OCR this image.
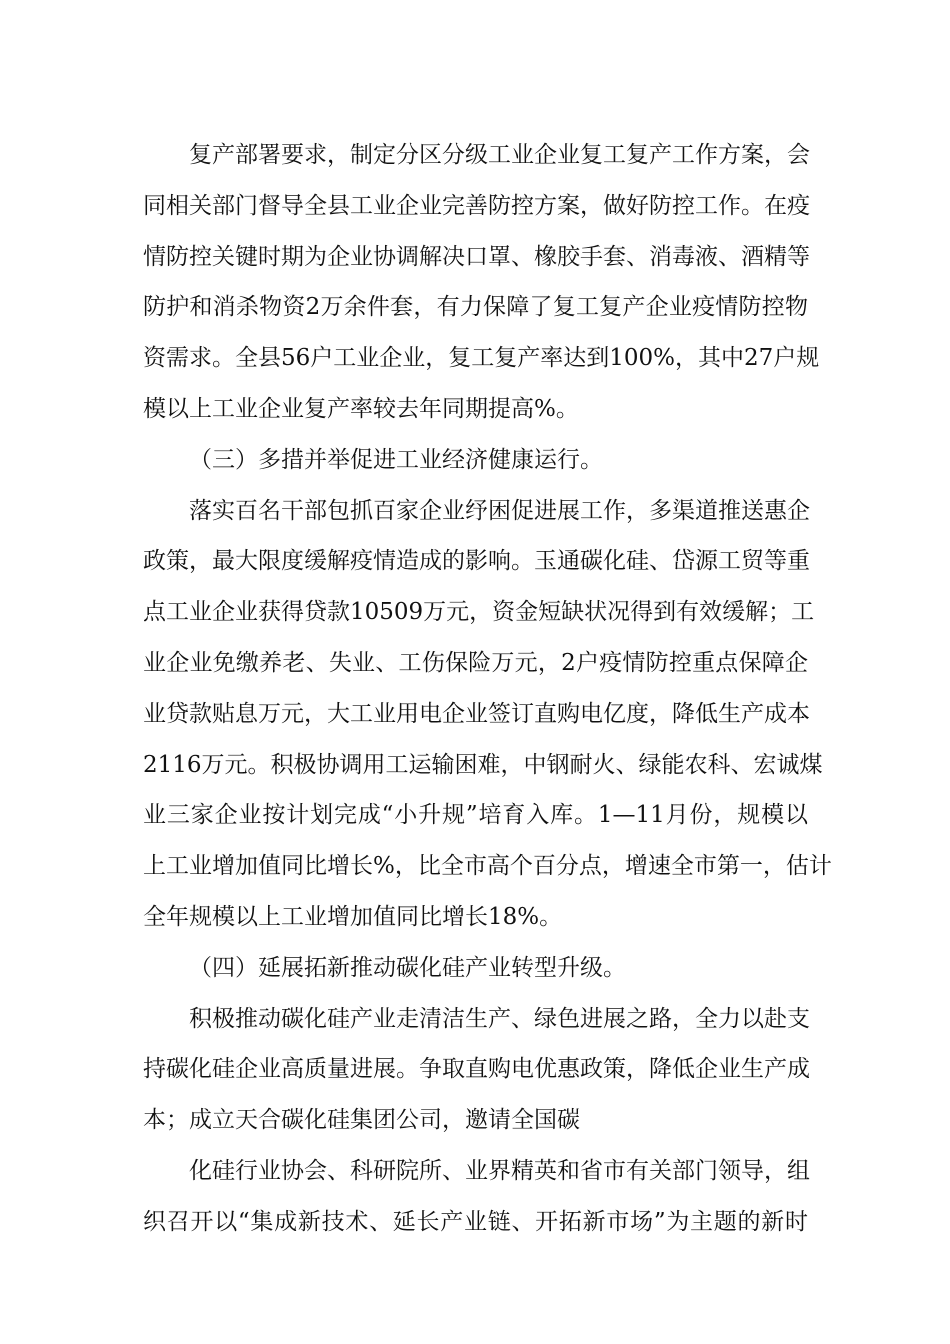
复产部署要求，制定分区分级工业企业复工复产工作方案，会
同相关部门督导全县工业企业完善防控方案，做好防控工作。在疫
情防控关键时期为企业协调解决口罩、橡胶手套、消毒液、酒精等
防护和消杀物资2万余件套，有力保障了复工复产企业疫情防控物
资需求。全县56户工业企业，复工复产率达到100%，其中27户规
模以上工业企业复产率较去年同期提高%。
（三）多措并举促进工业经济健康运行。
落实百名干部包抓百家企业纾困促进展工作，多渠道推送惠企
政策，最大限度缓解疫情造成的影响。玉通碳化硅、岱源工贸等重
点工业企业获得贷款10509万元，资金短缺状况得到有效缓解；工
业企业免缴养老、失业、工伤保险万元，2户疫情防控重点保障企
业贷款贴息万元，大工业用电企业签订直购电亿度，降低生产成本
2116万元。积极协调用工运输困难，中钢耐火、绿能农科、宏诚煤
业三家企业按计划完成“小升规”培育入库。1—11月份，规模以
上工业增加值同比增长%，比全市高个百分点，增速全市第一，估计
全年规模以上工业增加值同比增长18%。
（四）延展拓新推动碳化硅产业转型升级。
积极推动碳化硅产业走清洁生产、绿色进展之路，全力以赴支
持碳化硅企业高质量进展。争取直购电优惠政策，降低企业生产成
本；成立天合碳化硅集团公司，邀请全国碳
化硅行业协会、科研院所、业界精英和省市有关部门领导，组
织召开以“集成新技术、延长产业链、开拓新市场”为主题的新时
